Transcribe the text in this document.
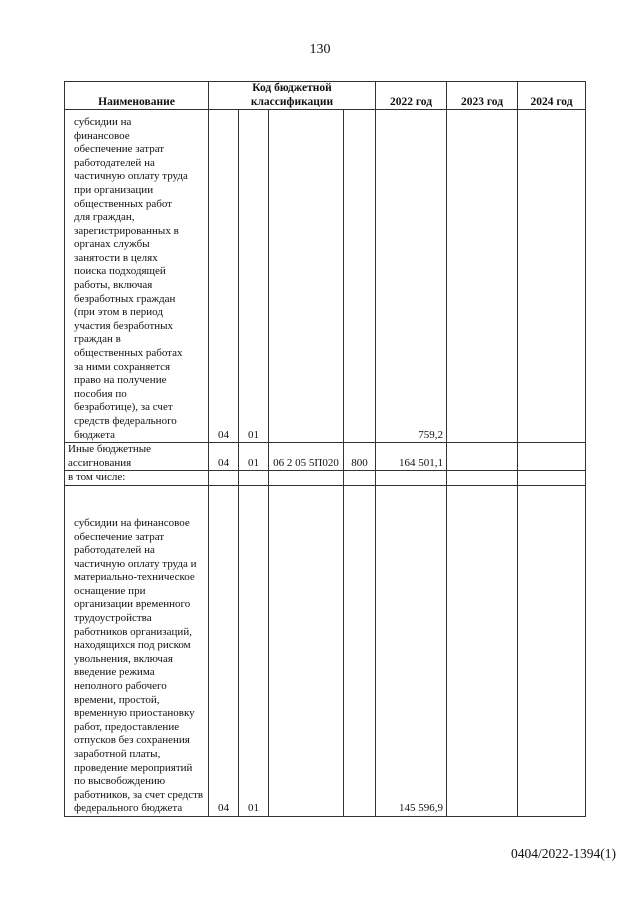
130
Наименование	Код бюджетной классификации				2022 год	2023 год	2024 год

субсидии на финансовое обеспечение затрат работодателей на частичную оплату труда при организации общественных работ для граждан, зарегистрированных в органах службы занятости в целях поиска подходящей работы, включая безработных граждан (при этом в период участия безработных граждан в общественных работах за ними сохраняется право на получение пособия по безработице), за счет средств федерального бюджета	04	01			759,2		
Иные бюджетные ассигнования	04	01	06 2 05 5П020	800	164 501,1		
в том числе:							

субсидии на финансовое обеспечение затрат работодателей на частичную оплату труда и материально-техническое оснащение при организации временного трудоустройства работников организаций, находящихся под риском увольнения, включая введение режима неполного рабочего времени, простой, временную приостановку работ, предоставление отпусков без сохранения заработной платы, проведение мероприятий по высвобождению работников, за счет средств федерального бюджета	04	01			145 596,9		
0404/2022-1394(1)
